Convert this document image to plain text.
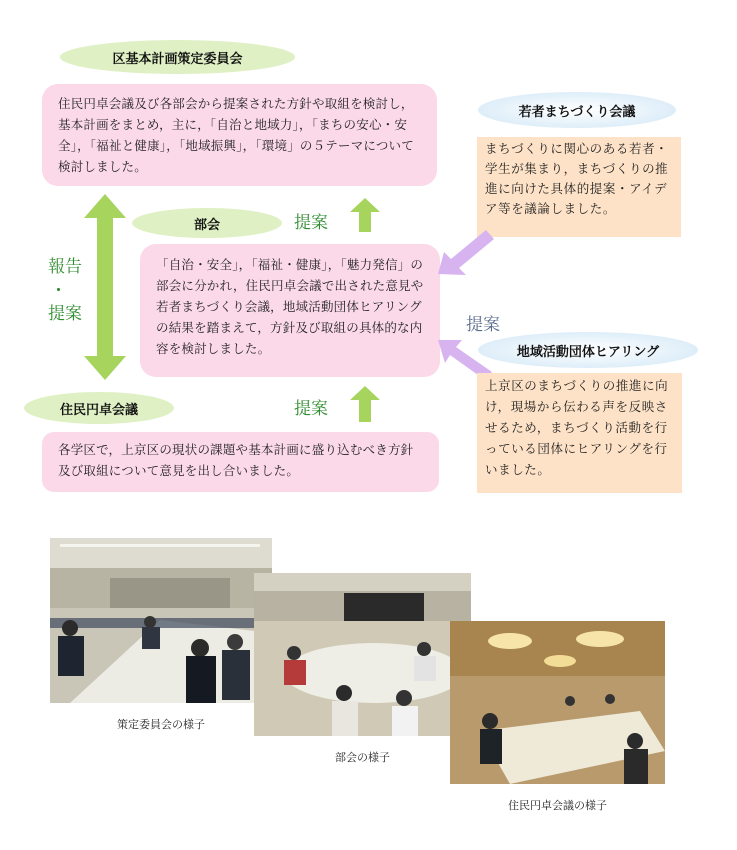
区基本計画策定委員会
住民円卓会議及び各部会から提案された方針や取組を検討し，基本計画をまとめ，主に，「自治と地域力」，「まちの安心・安全」，「福祉と健康」，「地域振興」，「環境」の５テーマについて検討しました。
提案
報告
・
提案
部会
「自治・安全」，「福祉・健康」，「魅力発信」の部会に分かれ，住民円卓会議で出された意見や若者まちづくり会議，地域活動団体ヒアリングの結果を踏まえて，方針及び取組の具体的な内容を検討しました。
提案
住民円卓会議
各学区で，上京区の現状の課題や基本計画に盛り込むべき方針及び取組について意見を出し合いました。
若者まちづくり会議
まちづくりに関心のある若者・学生が集まり，まちづくりの推進に向けた具体的提案・アイデア等を議論しました。
提案
地域活動団体ヒアリング
上京区のまちづくりの推進に向け，現場から伝わる声を反映させるため，まちづくり活動を行っている団体にヒアリングを行いました。
策定委員会の様子
部会の様子
住民円卓会議の様子
